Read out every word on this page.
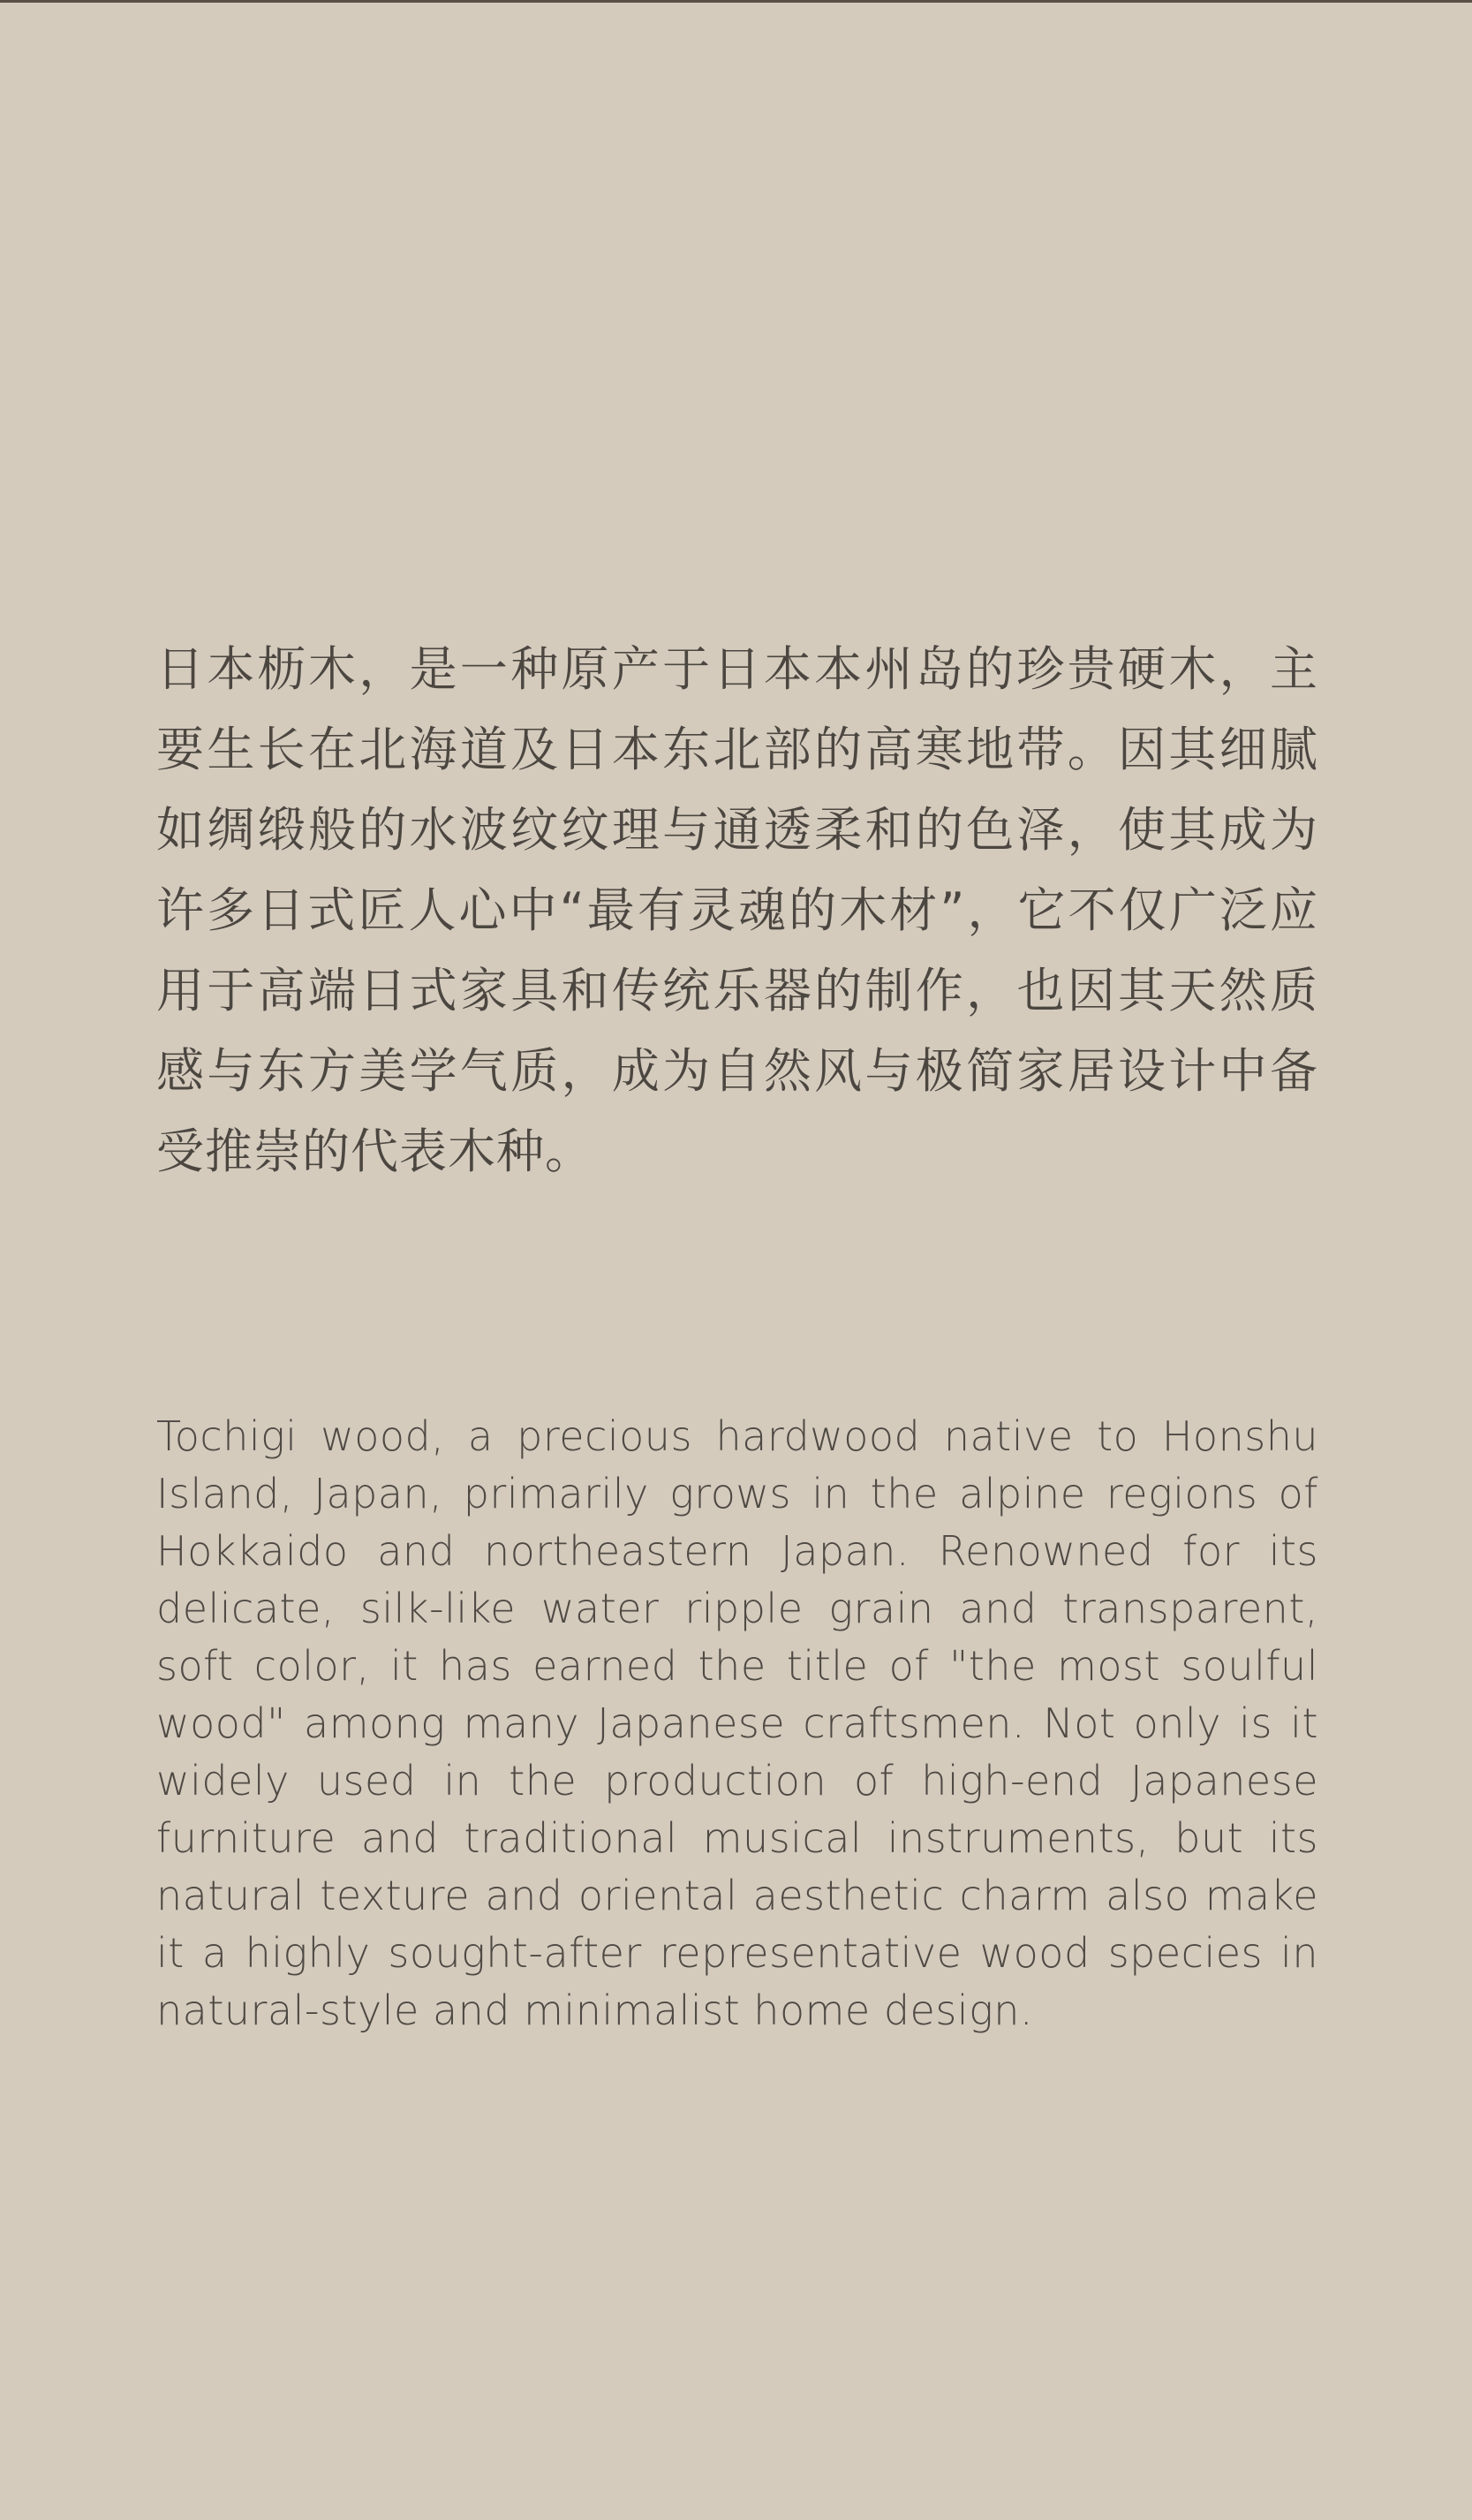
日本枥木，是一种原产于日本本州岛的珍贵硬木，主要生长在北海道及日本东北部的高寒地带。因其细腻如绸缎般的水波纹纹理与通透柔和的色泽，使其成为许多日式匠人心中“最有灵魂的木材”，它不仅广泛应用于高端日式家具和传统乐器的制作，也因其天然质感与东方美学气质，成为自然风与极简家居设计中备受推崇的代表木种。

Tochigi wood, a precious hardwood native to Honshu Island, Japan, primarily grows in the alpine regions of Hokkaido and northeastern Japan. Renowned for its delicate, silk-like water ripple grain and transparent, soft color, it has earned the title of "the most soulful wood" among many Japanese craftsmen. Not only is it widely used in the production of high-end Japanese furniture and traditional musical instruments, but its natural texture and oriental aesthetic charm also make it a highly sought-after representative wood species in natural-style and minimalist home design.
